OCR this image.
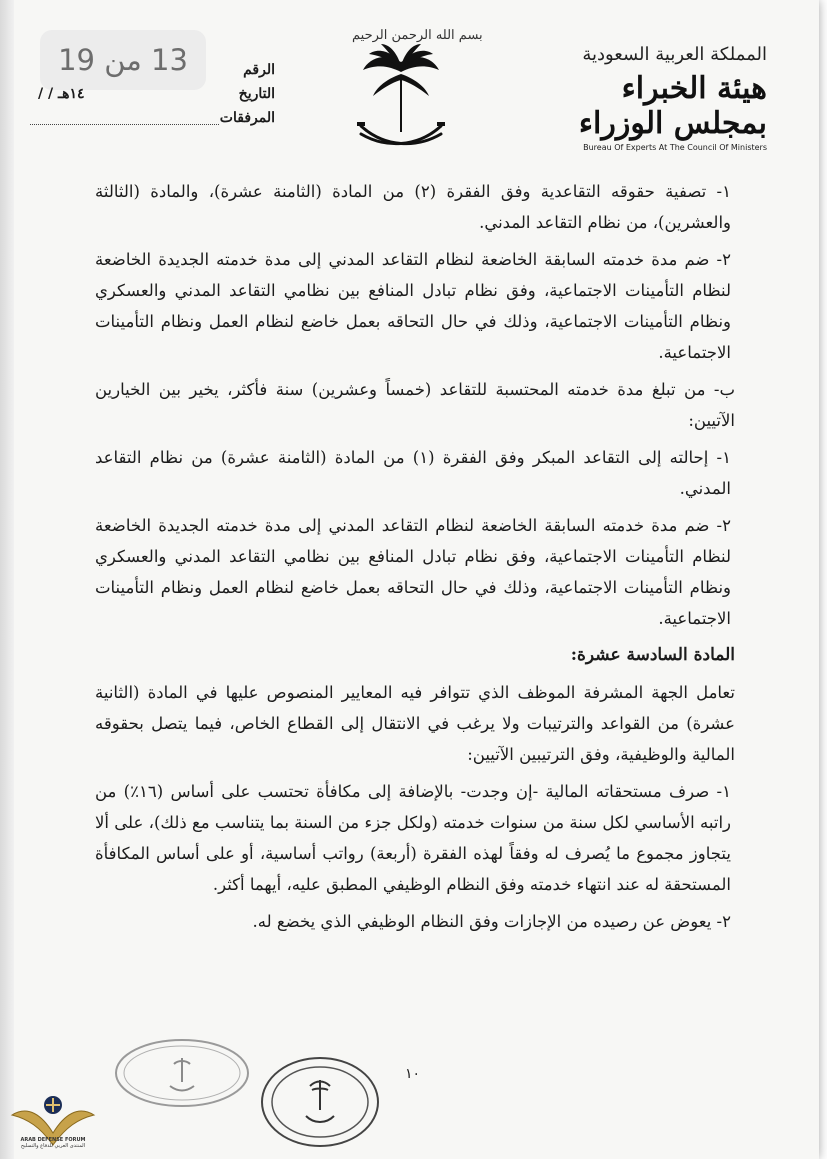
13 من 19
بسم الله الرحمن الرحيم
المملكة العربية السعودية
هيئة الخبراء بمجلس الوزراء
Bureau Of Experts At The Council Of Ministers
الرقم
التاريخ
/ / ١٤هـ
المرفقات

١- تصفية حقوقه التقاعدية وفق الفقرة (٢) من المادة (الثامنة عشرة)، والمادة (الثالثة والعشرين)، من نظام التقاعد المدني.

٢- ضم مدة خدمته السابقة الخاضعة لنظام التقاعد المدني إلى مدة خدمته الجديدة الخاضعة لنظام التأمينات الاجتماعية، وفق نظام تبادل المنافع بين نظامي التقاعد المدني والعسكري ونظام التأمينات الاجتماعية، وذلك في حال التحاقه بعمل خاضع لنظام العمل ونظام التأمينات الاجتماعية.

ب- من تبلغ مدة خدمته المحتسبة للتقاعد (خمساً وعشرين) سنة فأكثر، يخير بين الخيارين الآتيين:

١- إحالته إلى التقاعد المبكر وفق الفقرة (١) من المادة (الثامنة عشرة) من نظام التقاعد المدني.

٢- ضم مدة خدمته السابقة الخاضعة لنظام التقاعد المدني إلى مدة خدمته الجديدة الخاضعة لنظام التأمينات الاجتماعية، وفق نظام تبادل المنافع بين نظامي التقاعد المدني والعسكري ونظام التأمينات الاجتماعية، وذلك في حال التحاقه بعمل خاضع لنظام العمل ونظام التأمينات الاجتماعية.

المادة السادسة عشرة:

تعامل الجهة المشرفة الموظف الذي تتوافر فيه المعايير المنصوص عليها في المادة (الثانية عشرة) من القواعد والترتيبات ولا يرغب في الانتقال إلى القطاع الخاص، فيما يتصل بحقوقه المالية والوظيفية، وفق الترتيبين الآتيين:

١- صرف مستحقاته المالية -إن وجدت- بالإضافة إلى مكافأة تحتسب على أساس (١٦٪) من راتبه الأساسي لكل سنة من سنوات خدمته (ولكل جزء من السنة بما يتناسب مع ذلك)، على ألا يتجاوز مجموع ما يُصرف له وفقاً لهذه الفقرة (أربعة) رواتب أساسية، أو على أساس المكافأة المستحقة له عند انتهاء خدمته وفق النظام الوظيفي المطبق عليه، أيهما أكثر.

٢- يعوض عن رصيده من الإجازات وفق النظام الوظيفي الذي يخضع له.

١٠
ARAB DEFENSE FORUM
المنتدى العربي للدفاع والتسليح
